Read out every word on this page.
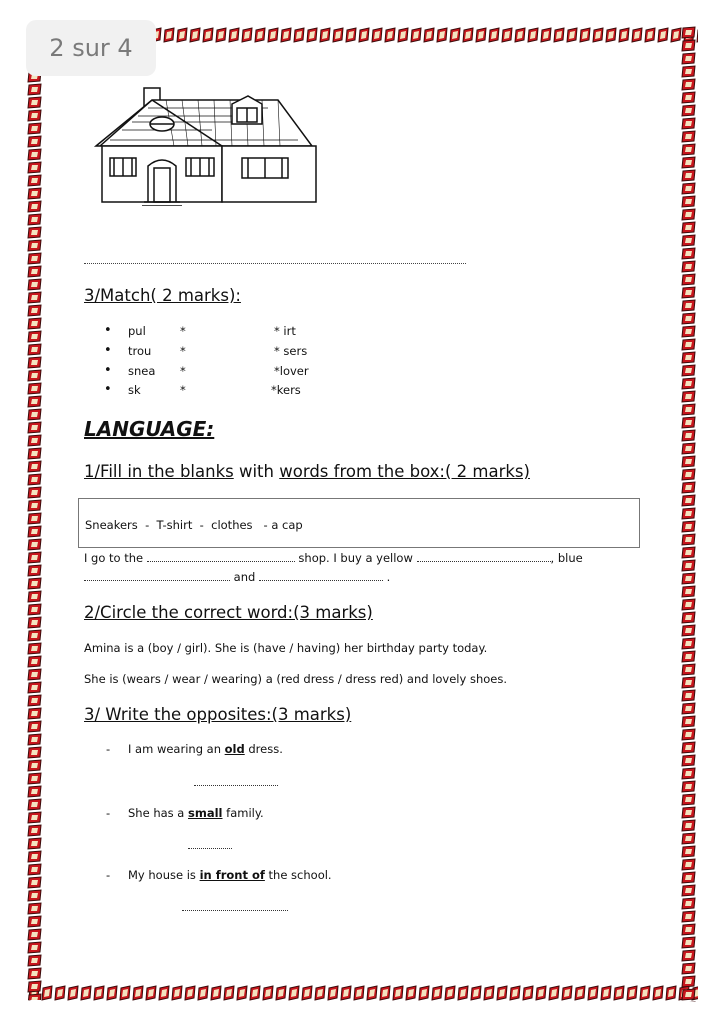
2 sur 4
3/Match( 2 marks):
• pul	*	* irt
• trou *	* sers
• snea *	*lover
• sk	*	*kers
LANGUAGE:
1/Fill in the blanks with words from the box:( 2 marks)
Sneakers  -  T-shirt  -  clothes   - a cap
I go to the	shop. I buy a yellow	, blue
and	.
2/Circle the correct word:(3 marks)
Amina is a (boy / girl). She is (have / having) her birthday party today.
She is (wears / wear / wearing) a (red dress / dress red) and lovely shoes.
3/ Write the opposites:(3 marks)
- I am wearing an old dress.
- She has a small family.
- My house is in front of the school.
